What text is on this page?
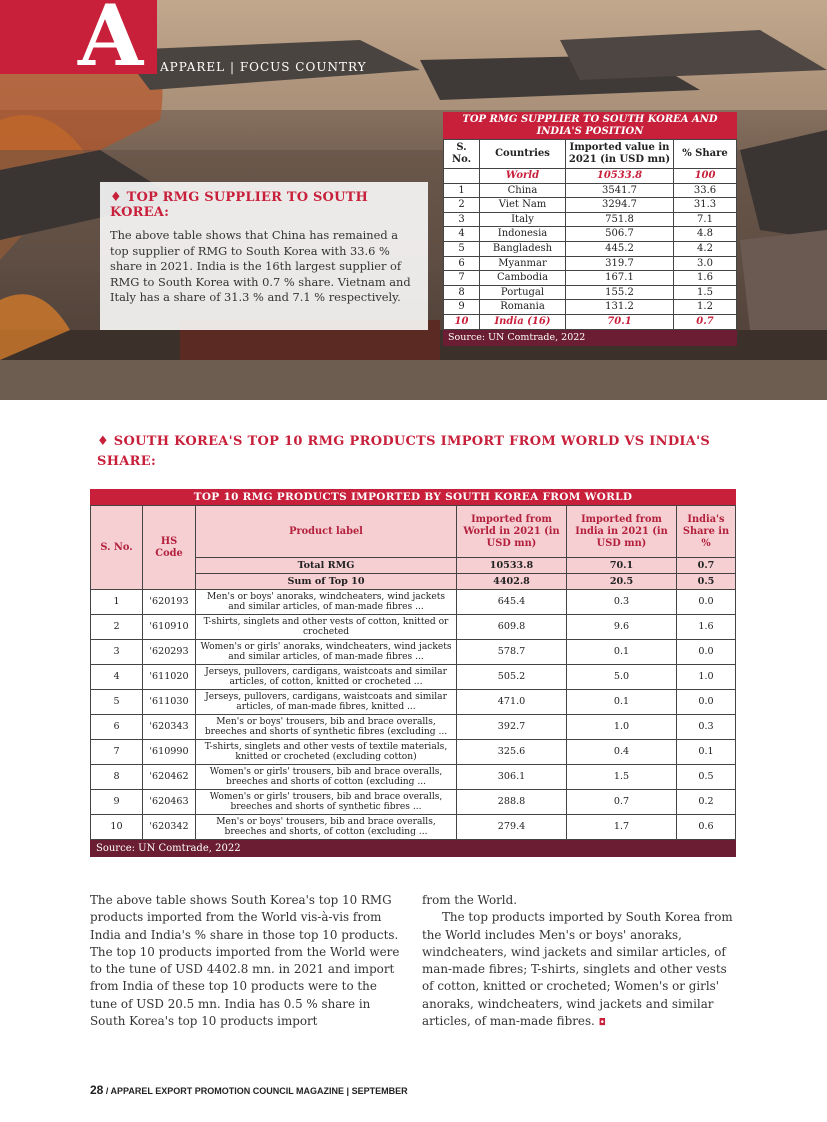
A APPAREL | FOCUS COUNTRY
♦ TOP RMG SUPPLIER TO SOUTH KOREA:

The above table shows that China has remained a top supplier of RMG to South Korea with 33.6 % share in 2021. India is the 16th largest supplier of RMG to South Korea with 0.7 % share. Vietnam and Italy has a share of 31.3 % and 7.1 % respectively.

TOP RMG SUPPLIER TO SOUTH KOREA AND INDIA'S POSITION
S. No.	Countries	Imported value in 2021 (in USD mn)	% Share
	World	10533.8	100
1	China	3541.7	33.6
2	Viet Nam	3294.7	31.3
3	Italy	751.8	7.1
4	Indonesia	506.7	4.8
5	Bangladesh	445.2	4.2
6	Myanmar	319.7	3.0
7	Cambodia	167.1	1.6
8	Portugal	155.2	1.5
9	Romania	131.2	1.2
10	India (16)	70.1	0.7
Source: UN Comtrade, 2022
♦ SOUTH KOREA'S TOP 10 RMG PRODUCTS IMPORT FROM WORLD VS INDIA'S SHARE:
TOP 10 RMG PRODUCTS IMPORTED BY SOUTH KOREA FROM WORLD
S. No.	HS Code	Product label	Imported from World in 2021 (in USD mn)	Imported from India in 2021 (in USD mn)	India's Share in %
		Total RMG	10533.8	70.1	0.7
		Sum of Top 10	4402.8	20.5	0.5
1	'620193	Men's or boys' anoraks, windcheaters, wind jackets and similar articles, of man-made fibres ...	645.4	0.3	0.0
2	'610910	T-shirts, singlets and other vests of cotton, knitted or crocheted	609.8	9.6	1.6
3	'620293	Women's or girls' anoraks, windcheaters, wind jackets and similar articles, of man-made fibres ...	578.7	0.1	0.0
4	'611020	Jerseys, pullovers, cardigans, waistcoats and similar articles, of cotton, knitted or crocheted ...	505.2	5.0	1.0
5	'611030	Jerseys, pullovers, cardigans, waistcoats and similar articles, of man-made fibres, knitted ...	471.0	0.1	0.0
6	'620343	Men's or boys' trousers, bib and brace overalls, breeches and shorts of synthetic fibres (excluding ...	392.7	1.0	0.3
7	'610990	T-shirts, singlets and other vests of textile materials, knitted or crocheted (excluding cotton)	325.6	0.4	0.1
8	'620462	Women's or girls' trousers, bib and brace overalls, breeches and shorts of cotton (excluding ...	306.1	1.5	0.5
9	'620463	Women's or girls' trousers, bib and brace overalls, breeches and shorts of synthetic fibres ...	288.8	0.7	0.2
10	'620342	Men's or boys' trousers, bib and brace overalls, breeches and shorts, of cotton (excluding ...	279.4	1.7	0.6
Source: UN Comtrade, 2022

The above table shows South Korea's top 10 RMG products imported from the World vis-à-vis from India and India's % share in those top 10 products. The top 10 products imported from the World were to the tune of USD 4402.8 mn. in 2021 and import from India of these top 10 products were to the tune of USD 20.5 mn. India has 0.5 % share in South Korea's top 10 products import

from the World.

The top products imported by South Korea from the World includes Men's or boys' anoraks, windcheaters, wind jackets and similar articles, of man-made fibres; T-shirts, singlets and other vests of cotton, knitted or crocheted; Women's or girls' anoraks, windcheaters, wind jackets and similar articles, of man-made fibres. ◘

28 / APPAREL EXPORT PROMOTION COUNCIL MAGAZINE | SEPTEMBER
